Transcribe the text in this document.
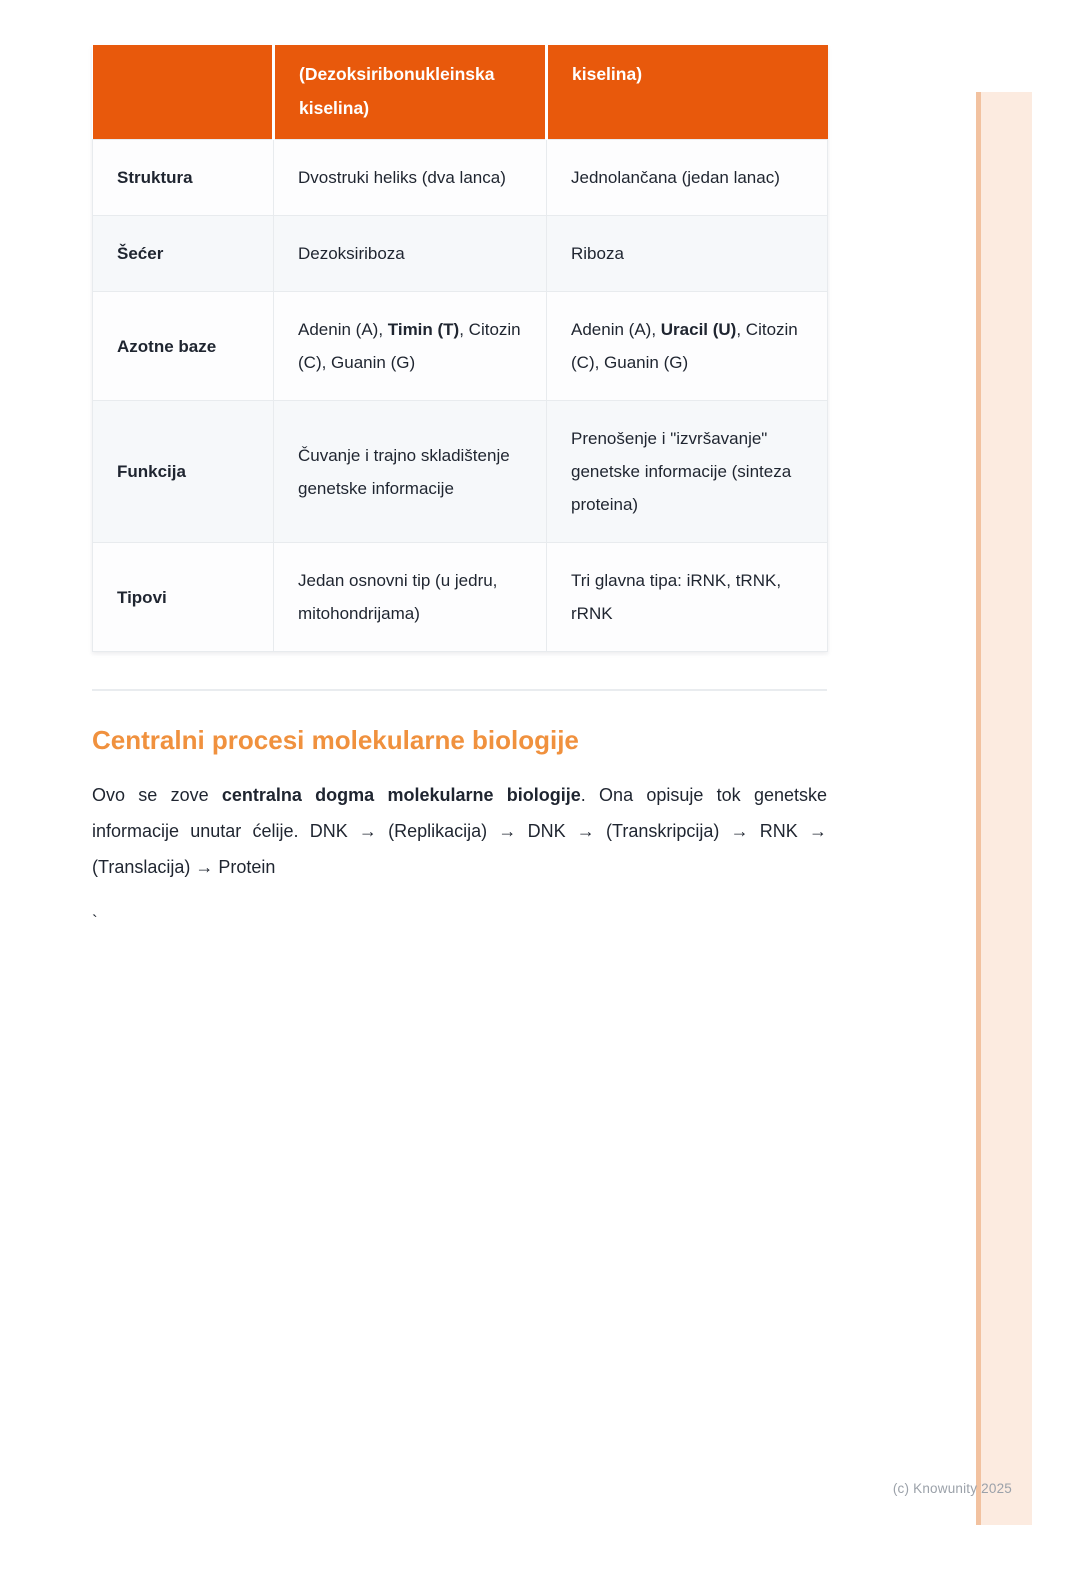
	(Dezoksiribonukleinska kiselina)	kiselina)
Struktura	Dvostruki heliks (dva lanca)	Jednolančana (jedan lanac)
Šećer	Dezoksiriboza	Riboza
Azotne baze	Adenin (A), Timin (T), Citozin (C), Guanin (G)	Adenin (A), Uracil (U), Citozin (C), Guanin (G)
Funkcija	Čuvanje i trajno skladištenje genetske informacije	Prenošenje i "izvršavanje" genetske informacije (sinteza proteina)
Tipovi	Jedan osnovni tip (u jedru, mitohondrijama)	Tri glavna tipa: iRNK, tRNK, rRNK
Centralni procesi molekularne biologije

Ovo se zove centralna dogma molekularne biologije. Ona opisuje tok genetske informacije unutar ćelije. DNK → (Replikacija) → DNK → (Transkripcija) → RNK → (Translacija) → Protein

`
(c) Knowunity 2025
